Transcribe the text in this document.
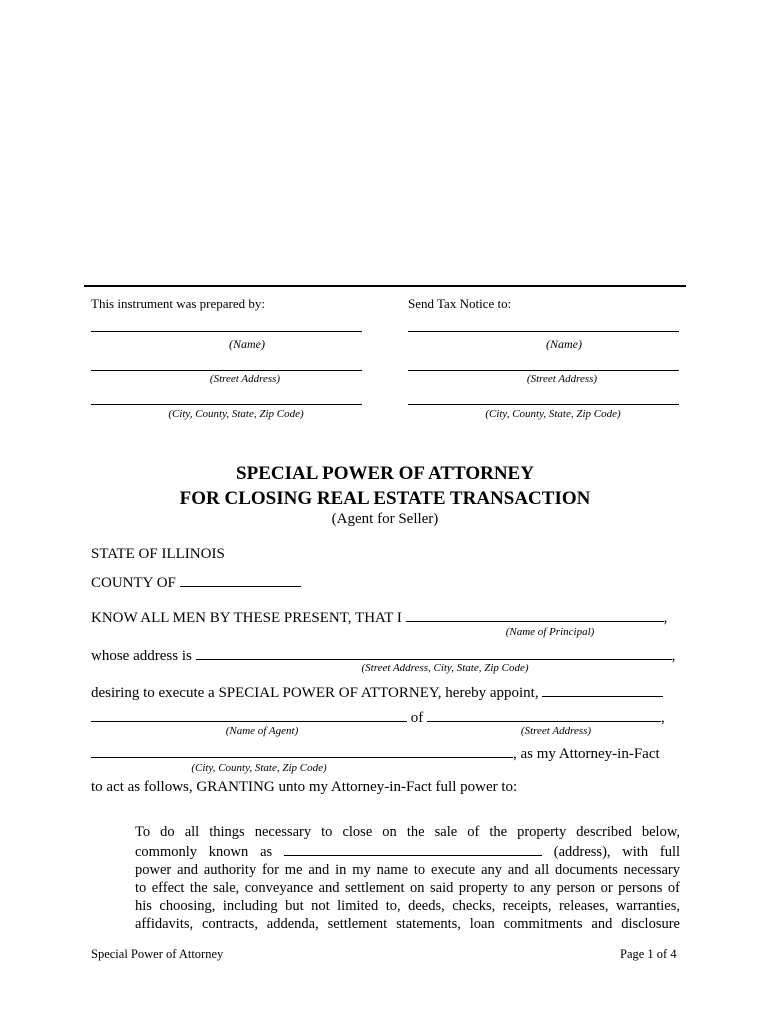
This instrument was prepared by:
(Name)
(Street Address)
(City, County, State, Zip Code)
Send Tax Notice to:
(Name)
(Street Address)
(City, County, State, Zip Code)
SPECIAL POWER OF ATTORNEY
FOR CLOSING REAL ESTATE TRANSACTION
(Agent for Seller)
STATE OF ILLINOIS
COUNTY OF
KNOW ALL MEN BY THESE PRESENT, THAT I	,
(Name of Principal)
whose address is	,
(Street Address, City, State, Zip Code)
desiring to execute a SPECIAL POWER OF ATTORNEY, hereby appoint,
of	,
(Name of Agent)	(Street Address)
, as my Attorney-in-Fact
(City, County, State, Zip Code)
to act as follows, GRANTING unto my Attorney-in-Fact full power to:
To do all things necessary to close on the sale of the property described below,
commonly known as	(address), with full
power and authority for me and in my name to execute any and all documents necessary
to effect the sale, conveyance and settlement on said property to any person or persons of
his choosing, including but not limited to, deeds, checks, receipts, releases, warranties,
affidavits, contracts, addenda, settlement statements, loan commitments and disclosure
Special Power of Attorney	Page 1 of 4
